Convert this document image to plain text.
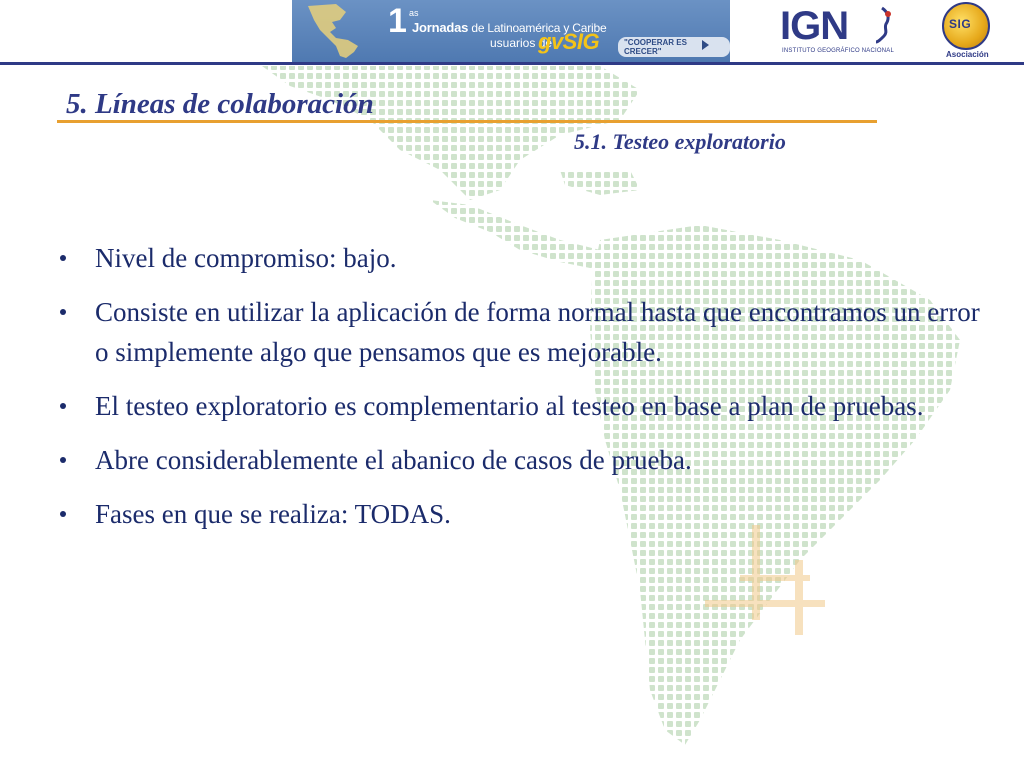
1 as
Jornadas de Latinoamérica y Caribe
usuarios de
gvSIG	"COOPERAR ES CRECER"
IGN
INSTITUTO GEOGRÁFICO NACIONAL
SIG
Asociación
5. Líneas de colaboración
5.1. Testeo exploratorio
Nivel de compromiso: bajo.
Consiste en utilizar la aplicación de forma normal hasta que encontramos un error o simplemente algo que pensamos que es mejorable.
El testeo exploratorio es complementario al testeo en base a plan de pruebas.
Abre considerablemente el abanico de casos de prueba.
Fases en que se realiza: TODAS.
